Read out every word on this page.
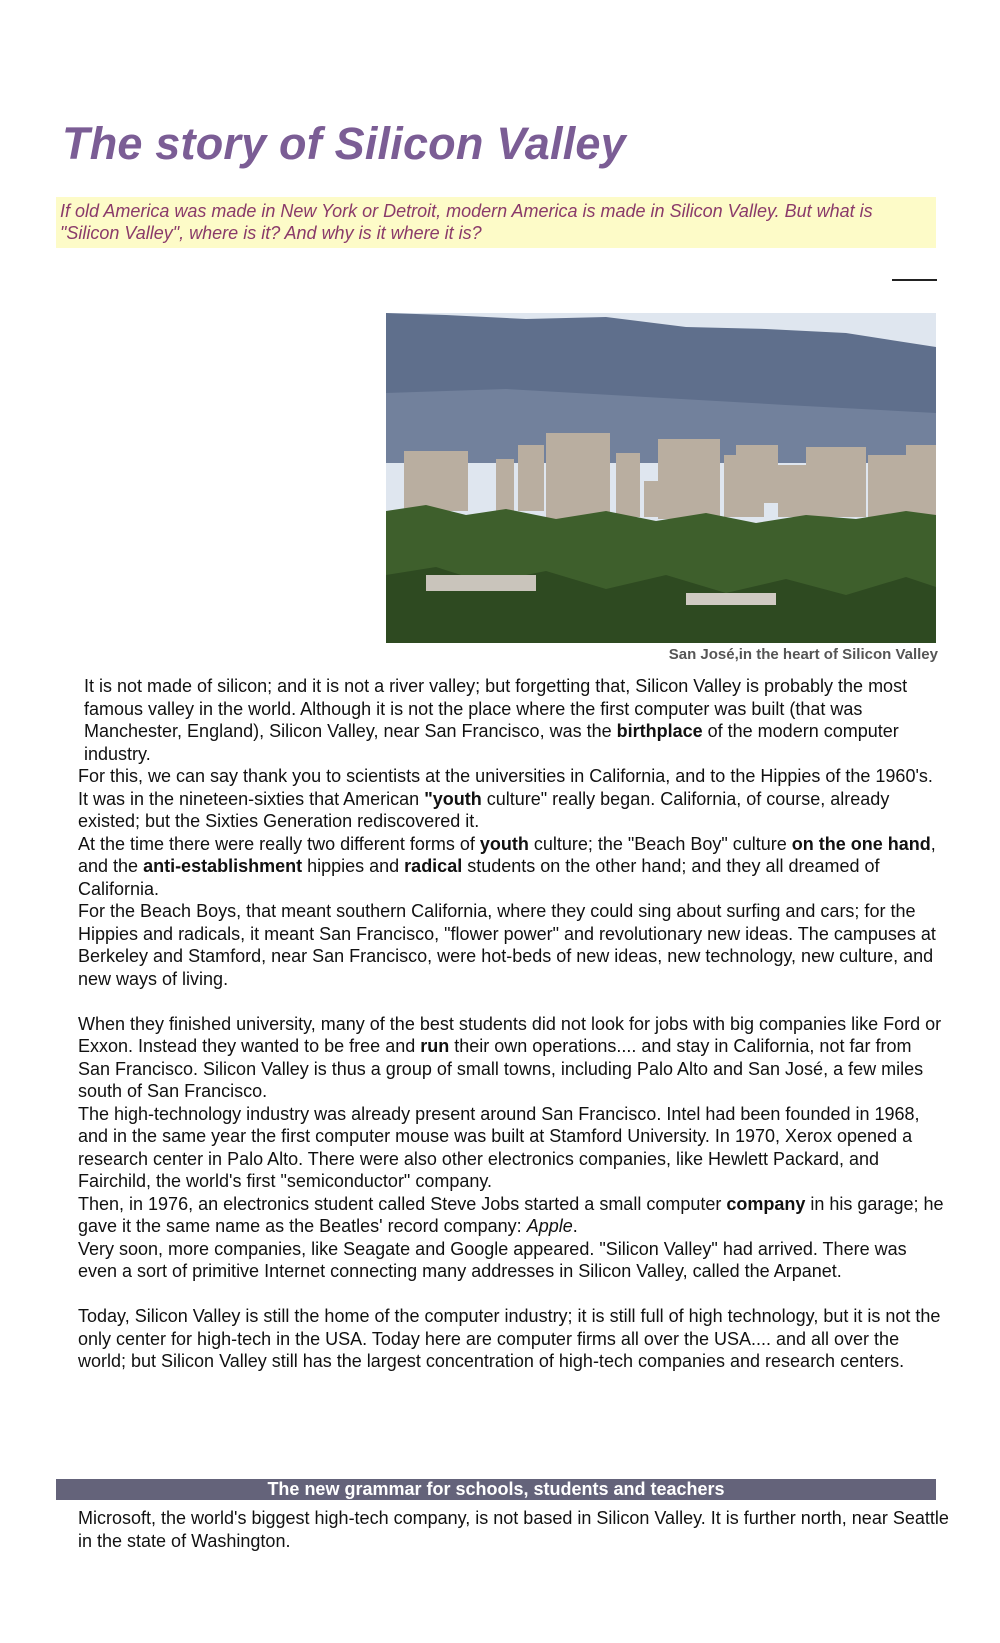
The story of Silicon Valley

If old America was made in New York or Detroit, modern America is made in Silicon Valley. But what is "Silicon Valley", where is it? And why is it where it is?

San José,in the heart of Silicon Valley

It is not made of silicon; and it is not a river valley; but forgetting that, Silicon Valley is probably the most famous valley in the world. Although it is not the place where the first computer was built (that was Manchester, England), Silicon Valley, near San Francisco, was the birthplace of the modern computer industry.

For this, we can say thank you to scientists at the universities in California, and to the Hippies of the 1960's.

It was in the nineteen-sixties that American "youth culture" really began. California, of course, already existed; but the Sixties Generation rediscovered it.

At the time there were really two different forms of youth culture; the "Beach Boy" culture on the one hand, and the anti-establishment hippies and radical students on the other hand; and they all dreamed of California.

For the Beach Boys, that meant southern California, where they could sing about surfing and cars; for the Hippies and radicals, it meant San Francisco, "flower power" and revolutionary new ideas. The campuses at Berkeley and Stamford, near San Francisco, were hot-beds of new ideas, new technology, new culture, and new ways of living.

When they finished university, many of the best students did not look for jobs with big companies like Ford or Exxon. Instead they wanted to be free and run their own operations.... and stay in California, not far from San Francisco. Silicon Valley is thus a group of small towns, including Palo Alto and San José, a few miles south of San Francisco.

The high-technology industry was already present around San Francisco. Intel had been founded in 1968, and in the same year the first computer mouse was built at Stamford University. In 1970, Xerox opened a research center in Palo Alto. There were also other electronics companies, like Hewlett Packard, and Fairchild, the world's first "semiconductor" company.

Then, in 1976, an electronics student called Steve Jobs started a small computer company in his garage; he gave it the same name as the Beatles' record company: Apple.

Very soon, more companies, like Seagate and Google appeared. "Silicon Valley" had arrived. There was even a sort of primitive Internet connecting many addresses in Silicon Valley, called the Arpanet.

Today, Silicon Valley is still the home of the computer industry; it is still full of high technology, but it is not the only center for high-tech in the USA. Today here are computer firms all over the USA.... and all over the world; but Silicon Valley still has the largest concentration of high-tech companies and research centers.

The new grammar for schools, students and teachers

Microsoft, the world's biggest high-tech company, is not based in Silicon Valley. It is further north, near Seattle in the state of Washington.
